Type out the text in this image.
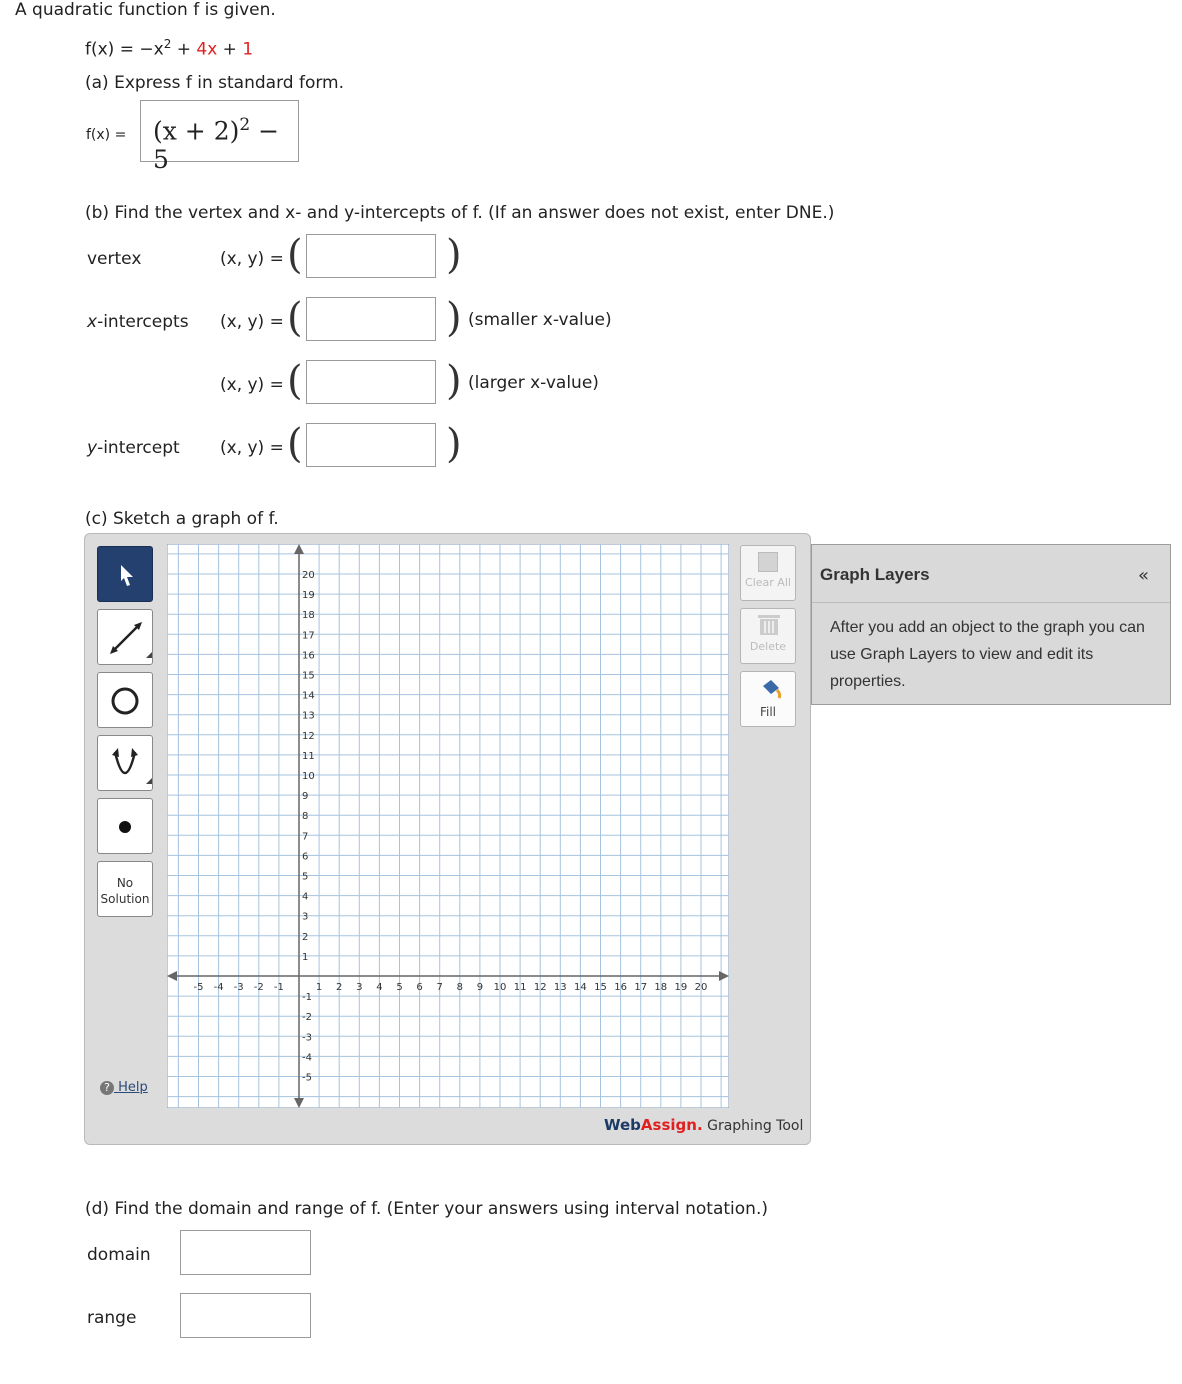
A quadratic function f is given.
$f(x) = -x^2 + 4x + 1$
(a) Express f in standard form.
f(x) =	$(x + 2)^2 - 5$
(b) Find the vertex and x- and y-intercepts of f. (If an answer does not exist, enter DNE.)
vertex	(x, y) = (	)
x-intercepts (x, y) = (	) (smaller x-value)
(x, y) = (	) (larger x-value)
y-intercept (x, y) = (	)
(c) Sketch a graph of f.
No
Solution
? Help
-5 -4 -3 -2 -1	1 2 3 4 5 6 7 8 9 10 11 12 13 14 15 16 17 18 19 20
20
19
18
17
16
15
14
13
12
11
10
9
8
7
6
5
4
3
2
1
-1
-2
-3
-4
-5
Clear All
Delete
Fill
WebAssign. Graphing Tool
Graph Layers	«
After you add an object to the graph you can use Graph Layers to view and edit its properties.
(d) Find the domain and range of f. (Enter your answers using interval notation.)
domain
range
